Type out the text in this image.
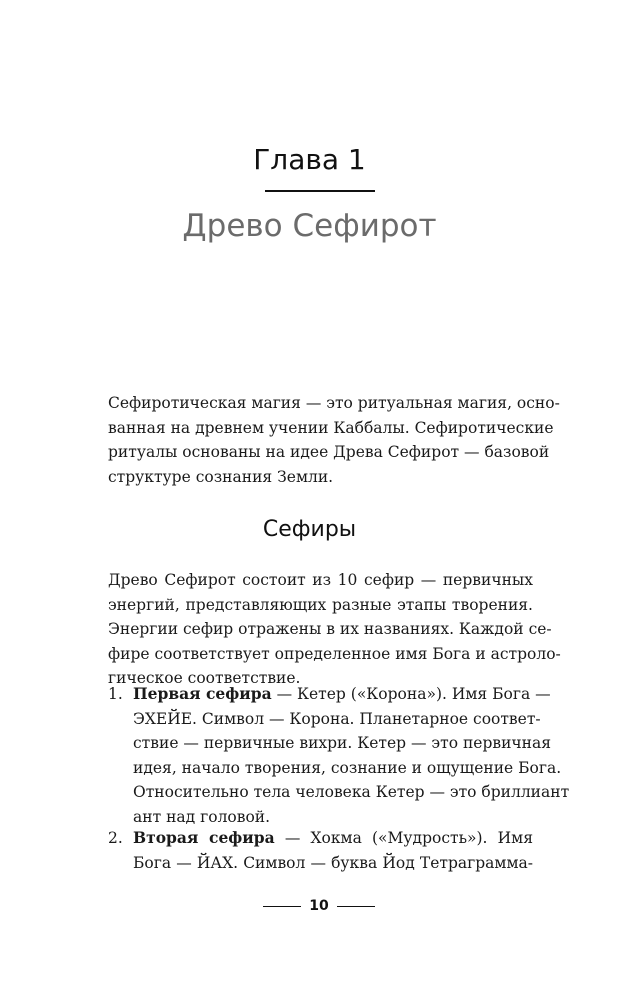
Глава 1
Древо Сефирот
Сефиротическая магия — это ритуальная магия, осно-
ванная на древнем учении Каббалы. Сефиротические
ритуалы основаны на идее Древа Сефирот — базовой
структуре сознания Земли.
Сефиры
Древо Сефирот состоит из 10 сефир — первичных
энергий, представляющих разные этапы творения.
Энергии сефир отражены в их названиях. Каждой се-
фире соответствует определенное имя Бога и астроло-
гическое соответствие.
1. Первая сефира — Кетер («Корона»). Имя Бога —
ЭХЕЙЕ. Символ — Корона. Планетарное соответ-
ствие — первичные вихри. Кетер — это первичная
идея, начало творения, сознание и ощущение Бога.
Относительно тела человека Кетер — это бриллиант
ант над головой.
2. Вторая сефира — Хокма («Мудрость»). Имя
Бога — ЙАХ. Символ — буква Йод Тетраграмма-
10
